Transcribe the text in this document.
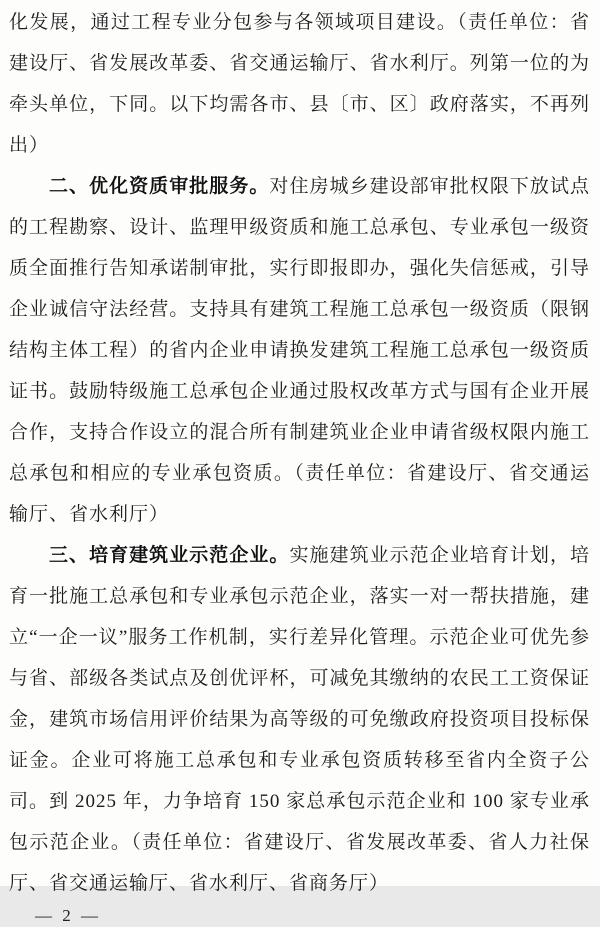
化发展，通过工程专业分包参与各领域项目建设。（责任单位：省建设厅、省发展改革委、省交通运输厅、省水利厅。列第一位的为牵头单位，下同。以下均需各市、县〔市、区〕政府落实，不再列出）

二、优化资质审批服务。对住房城乡建设部审批权限下放试点的工程勘察、设计、监理甲级资质和施工总承包、专业承包一级资质全面推行告知承诺制审批，实行即报即办，强化失信惩戒，引导企业诚信守法经营。支持具有建筑工程施工总承包一级资质（限钢结构主体工程）的省内企业申请换发建筑工程施工总承包一级资质证书。鼓励特级施工总承包企业通过股权改革方式与国有企业开展合作，支持合作设立的混合所有制建筑业企业申请省级权限内施工总承包和相应的专业承包资质。（责任单位：省建设厅、省交通运输厅、省水利厅）

三、培育建筑业示范企业。实施建筑业示范企业培育计划，培育一批施工总承包和专业承包示范企业，落实一对一帮扶措施，建立“一企一议”服务工作机制，实行差异化管理。示范企业可优先参与省、部级各类试点及创优评杯，可减免其缴纳的农民工工资保证金，建筑市场信用评价结果为高等级的可免缴政府投资项目投标保证金。企业可将施工总承包和专业承包资质转移至省内全资子公司。到 2025 年，力争培育 150 家总承包示范企业和 100 家专业承包示范企业。（责任单位：省建设厅、省发展改革委、省人力社保厅、省交通运输厅、省水利厅、省商务厅）

— 2 —
